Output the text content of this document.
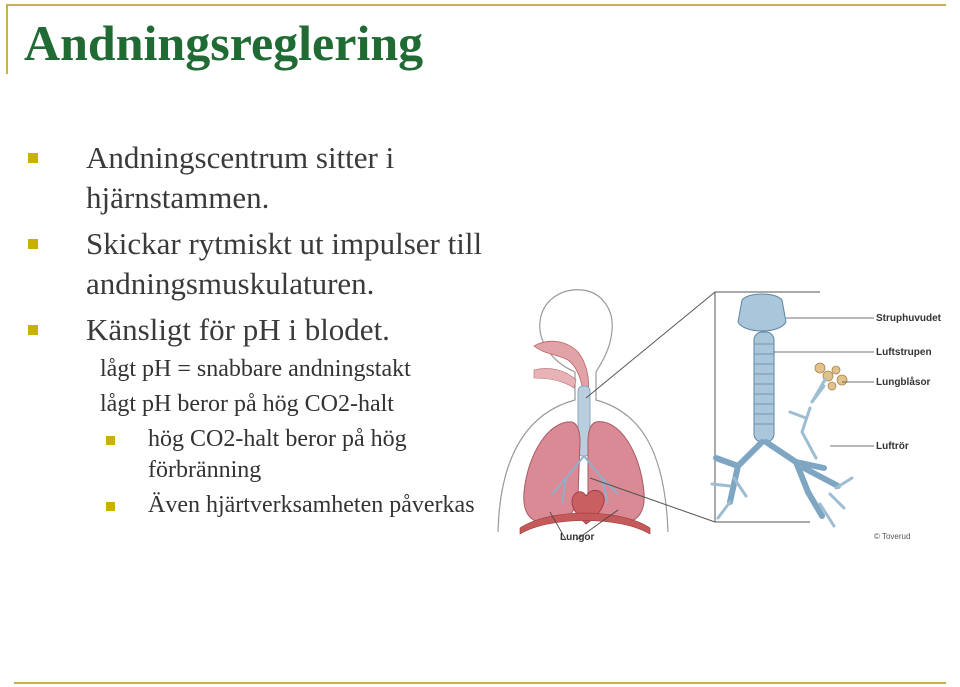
Andningsreglering
Andningscentrum sitter i hjärnstammen.
Skickar rytmiskt ut impulser till andningsmuskulaturen.
Känsligt för pH i blodet.
lågt pH = snabbare andningstakt
lågt pH beror på hög CO2-halt
hög CO2-halt beror på hög förbränning
Även hjärtverksamheten påverkas
Lungor
Struphuvudet
Luftstrupen
Lungblåsor
Luftrör
© Toverud
